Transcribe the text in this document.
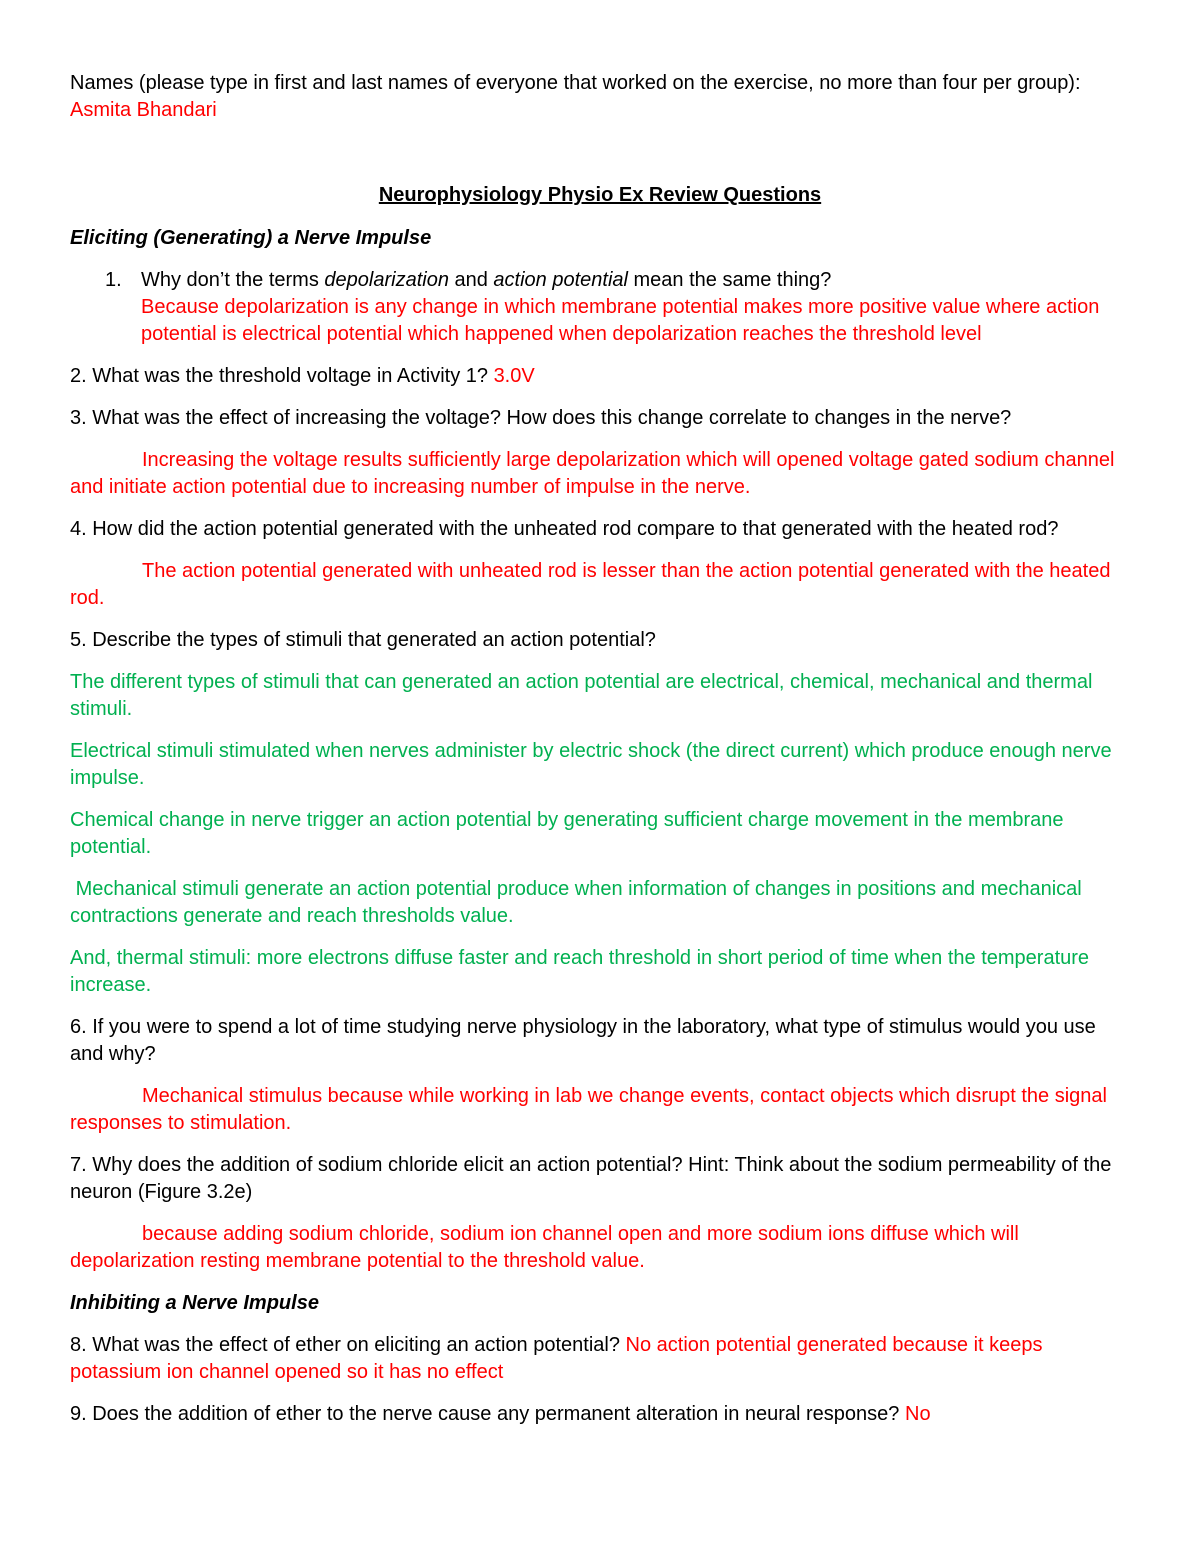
Names (please type in first and last names of everyone that worked on the exercise, no more than four per group): Asmita Bhandari

Neurophysiology Physio Ex Review Questions

Eliciting (Generating) a Nerve Impulse

1. Why don’t the terms depolarization and action potential mean the same thing?

Because depolarization is any change in which membrane potential makes more positive value where action potential is electrical potential which happened when depolarization reaches the threshold level

2. What was the threshold voltage in Activity 1? 3.0V

3. What was the effect of increasing the voltage? How does this change correlate to changes in the nerve?

Increasing the voltage results sufficiently large depolarization which will opened voltage gated sodium channel and initiate action potential due to increasing number of impulse in the nerve.

4. How did the action potential generated with the unheated rod compare to that generated with the heated rod?

The action potential generated with unheated rod is lesser than the action potential generated with the heated rod.

5. Describe the types of stimuli that generated an action potential?

The different types of stimuli that can generated an action potential are electrical, chemical, mechanical and thermal stimuli.

Electrical stimuli stimulated when nerves administer by electric shock (the direct current) which produce enough nerve impulse.

Chemical change in nerve trigger an action potential by generating sufficient charge movement in the membrane potential.

Mechanical stimuli generate an action potential produce when information of changes in positions and mechanical contractions generate and reach thresholds value.

And, thermal stimuli: more electrons diffuse faster and reach threshold in short period of time when the temperature increase.

6. If you were to spend a lot of time studying nerve physiology in the laboratory, what type of stimulus would you use and why?

Mechanical stimulus because while working in lab we change events, contact objects which disrupt the signal responses to stimulation.

7. Why does the addition of sodium chloride elicit an action potential? Hint: Think about the sodium permeability of the neuron (Figure 3.2e)

because adding sodium chloride, sodium ion channel open and more sodium ions diffuse which will depolarization resting membrane potential to the threshold value.

Inhibiting a Nerve Impulse

8. What was the effect of ether on eliciting an action potential? No action potential generated because it keeps potassium ion channel opened so it has no effect

9. Does the addition of ether to the nerve cause any permanent alteration in neural response? No
